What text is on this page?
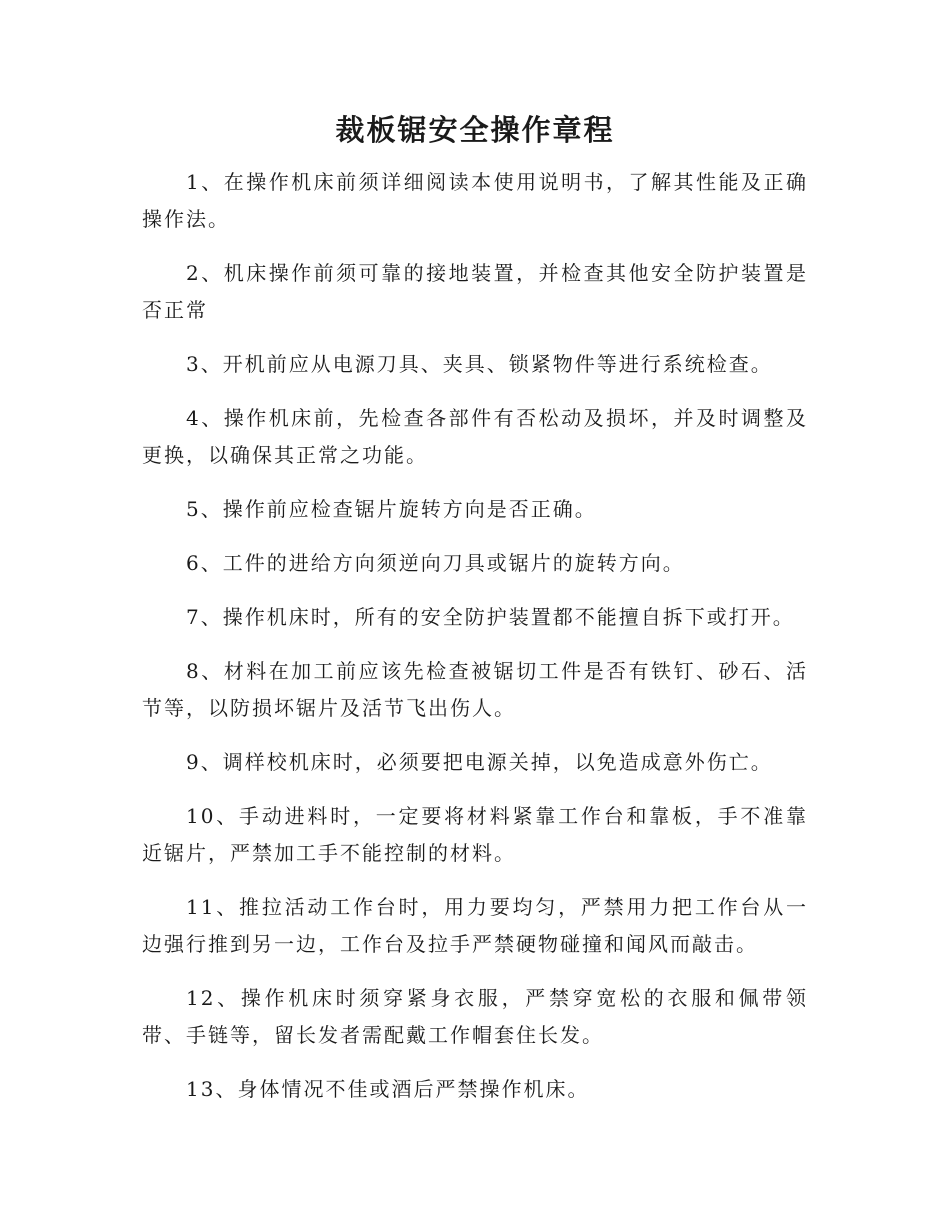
裁板锯安全操作章程

1、在操作机床前须详细阅读本使用说明书，了解其性能及正确操作法。

2、机床操作前须可靠的接地装置，并检查其他安全防护装置是否正常

3、开机前应从电源刀具、夹具、锁紧物件等进行系统检查。

4、操作机床前，先检查各部件有否松动及损坏，并及时调整及更换，以确保其正常之功能。

5、操作前应检查锯片旋转方向是否正确。

6、工件的进给方向须逆向刀具或锯片的旋转方向。

7、操作机床时，所有的安全防护装置都不能擅自拆下或打开。

8、材料在加工前应该先检查被锯切工件是否有铁钉、砂石、活节等，以防损坏锯片及活节飞出伤人。

9、调样校机床时，必须要把电源关掉，以免造成意外伤亡。

10、手动进料时，一定要将材料紧靠工作台和靠板，手不准靠近锯片，严禁加工手不能控制的材料。

11、推拉活动工作台时，用力要均匀，严禁用力把工作台从一边强行推到另一边，工作台及拉手严禁硬物碰撞和闻风而敲击。

12、操作机床时须穿紧身衣服，严禁穿宽松的衣服和佩带领带、手链等，留长发者需配戴工作帽套住长发。

13、身体情况不佳或酒后严禁操作机床。
